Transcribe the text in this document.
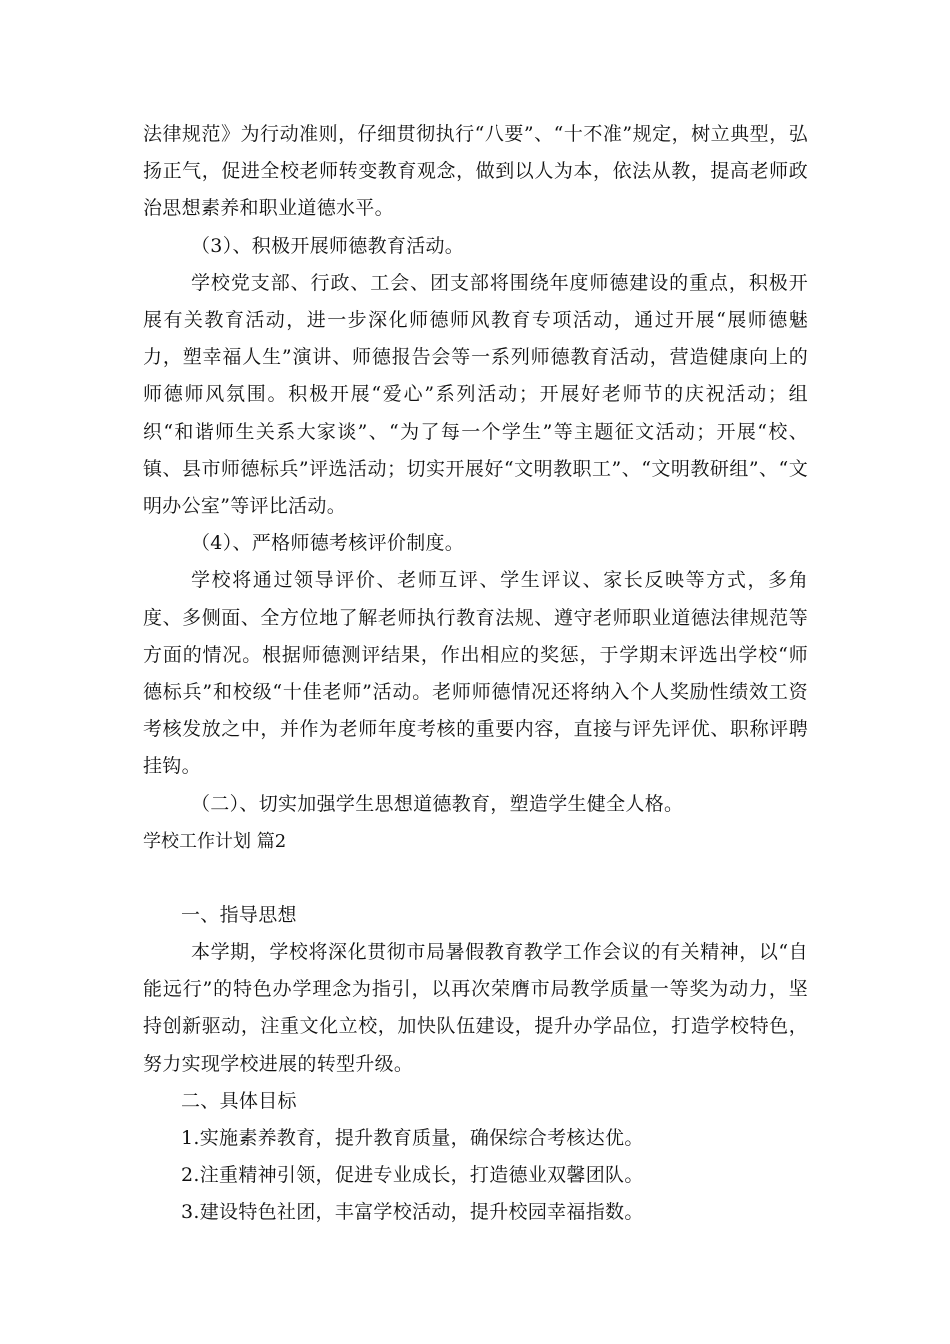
法律规范》为行动准则，仔细贯彻执行“八要”、“十不准”规定，树立典型，弘扬正气，促进全校老师转变教育观念，做到以人为本，依法从教，提高老师政治思想素养和职业道德水平。

（3）、积极开展师德教育活动。

学校党支部、行政、工会、团支部将围绕年度师德建设的重点，积极开展有关教育活动，进一步深化师德师风教育专项活动，通过开展“展师德魅力，塑幸福人生”演讲、师德报告会等一系列师德教育活动，营造健康向上的师德师风氛围。积极开展“爱心”系列活动；开展好老师节的庆祝活动；组织“和谐师生关系大家谈”、“为了每一个学生”等主题征文活动；开展“校、镇、县市师德标兵”评选活动；切实开展好“文明教职工”、“文明教研组”、“文明办公室”等评比活动。

（4）、严格师德考核评价制度。

学校将通过领导评价、老师互评、学生评议、家长反映等方式，多角度、多侧面、全方位地了解老师执行教育法规、遵守老师职业道德法律规范等方面的情况。根据师德测评结果，作出相应的奖惩，于学期末评选出学校“师德标兵”和校级“十佳老师”活动。老师师德情况还将纳入个人奖励性绩效工资考核发放之中，并作为老师年度考核的重要内容，直接与评先评优、职称评聘挂钩。

（二）、切实加强学生思想道德教育，塑造学生健全人格。

学校工作计划 篇2

一、指导思想

本学期，学校将深化贯彻市局暑假教育教学工作会议的有关精神，以“自能远行”的特色办学理念为指引，以再次荣膺市局教学质量一等奖为动力，坚持创新驱动，注重文化立校，加快队伍建设，提升办学品位，打造学校特色，努力实现学校进展的转型升级。

二、具体目标

1.实施素养教育，提升教育质量，确保综合考核达优。

2.注重精神引领，促进专业成长，打造德业双馨团队。

3.建设特色社团，丰富学校活动，提升校园幸福指数。
